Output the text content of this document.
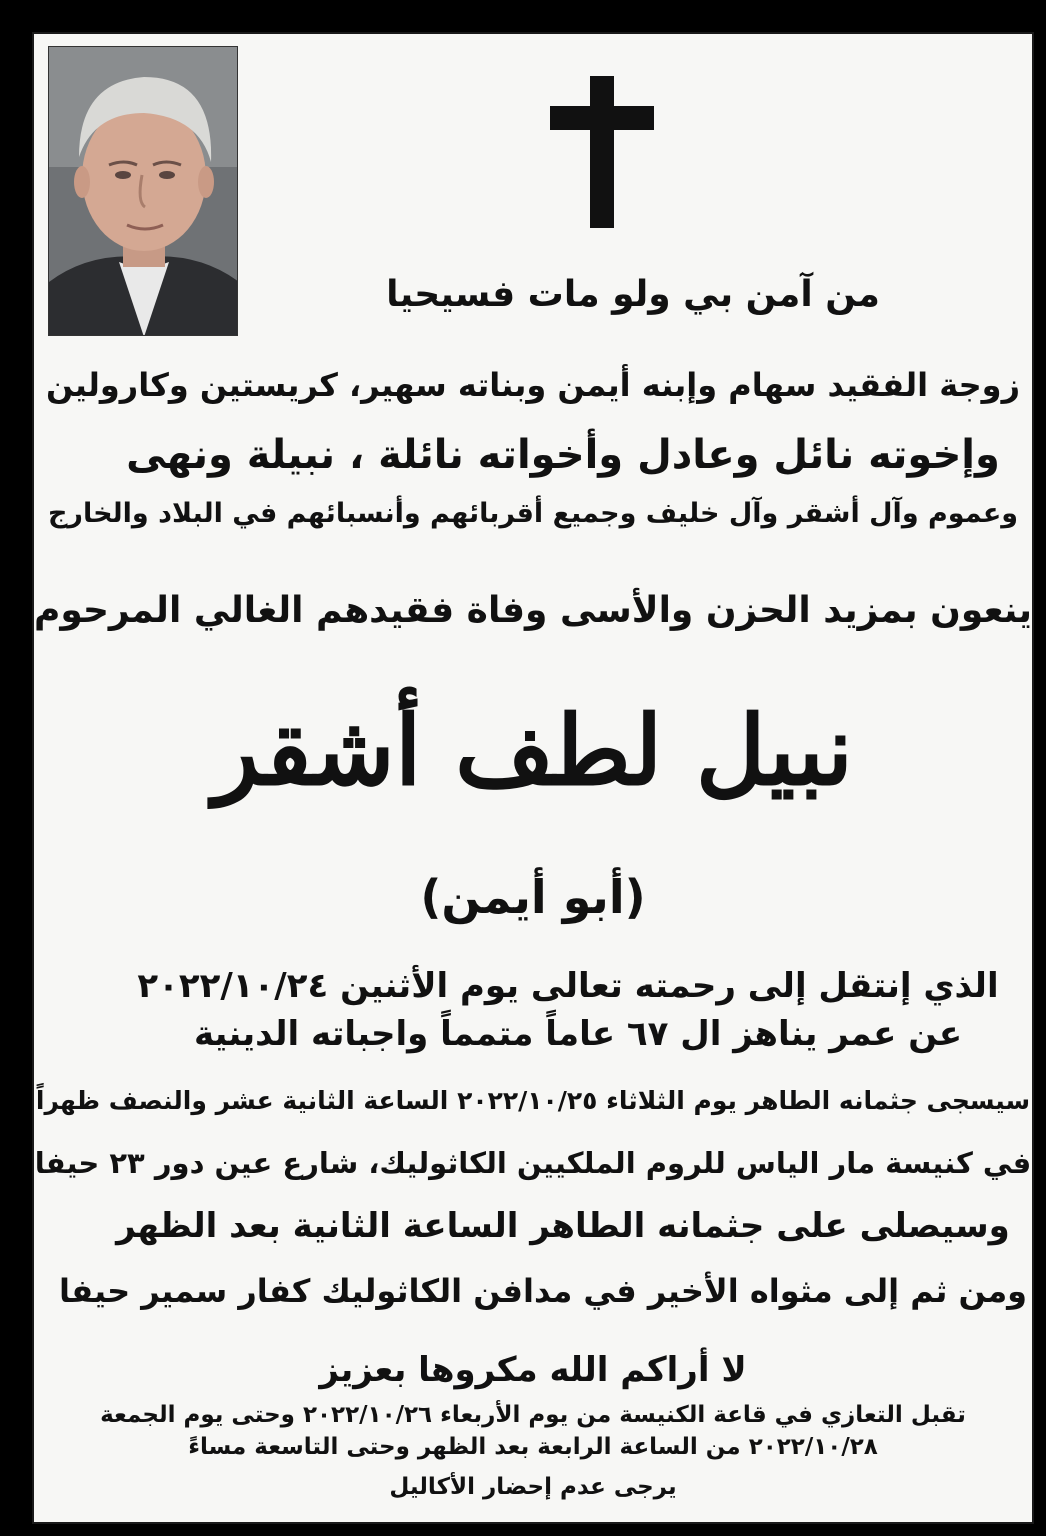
من آمن بي ولو مات فسيحيا
زوجة الفقيد سهام وإبنه أيمن وبناته سهير، كريستين وكارولين
وإخوته نائل وعادل وأخواته نائلة ، نبيلة ونهى
وعموم وآل أشقر وآل خليف وجميع أقربائهم وأنسبائهم في البلاد والخارج
ينعون بمزيد الحزن والأسى وفاة فقيدهم الغالي المرحوم
نبيل لطف أشقر
(أبو أيمن)
الذي إنتقل إلى رحمته تعالى يوم الأثنين ٢٠٢٢/١٠/٢٤
عن عمر يناهز ال ٦٧ عاماً متمماً واجباته الدينية
سيسجى جثمانه الطاهر يوم الثلاثاء ٢٠٢٢/١٠/٢٥ الساعة الثانية عشر والنصف ظهراً
في كنيسة مار الياس للروم الملكيين الكاثوليك، شارع عين دور ٢٣ حيفا
وسيصلى على جثمانه الطاهر الساعة الثانية بعد الظهر
ومن ثم إلى مثواه الأخير في مدافن الكاثوليك كفار سمير حيفا
لا أراكم الله مكروها بعزيز
تقبل التعازي في قاعة الكنيسة من يوم الأربعاء ٢٠٢٢/١٠/٢٦ وحتى يوم الجمعة
٢٠٢٢/١٠/٢٨ من الساعة الرابعة بعد الظهر وحتى التاسعة مساءً
يرجى عدم إحضار الأكاليل
